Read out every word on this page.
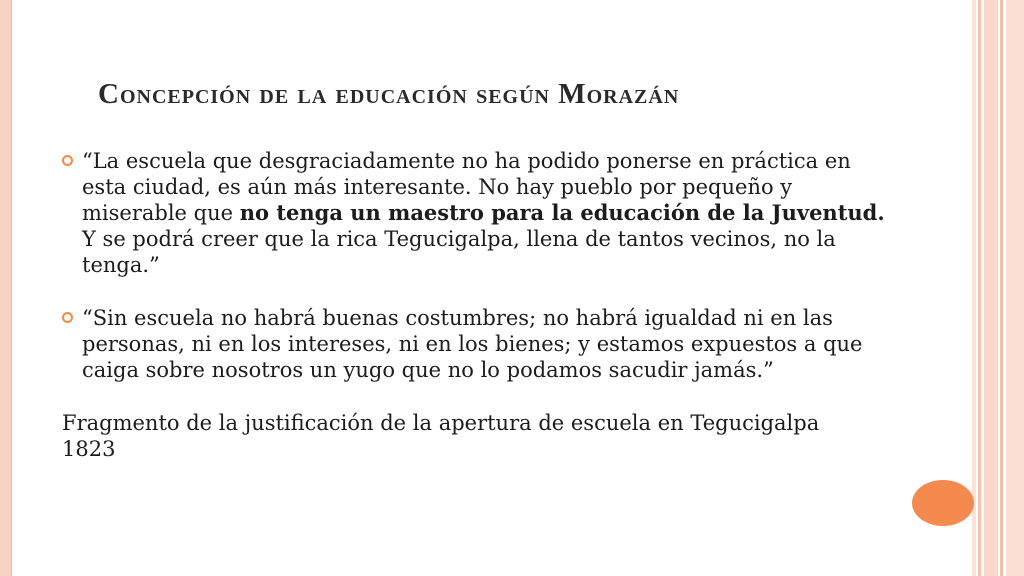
Concepción de la educación según Morazán
“La escuela que desgraciadamente no ha podido ponerse en práctica en esta ciudad, es aún más interesante. No hay pueblo por pequeño y miserable que no tenga un maestro para la educación de la Juventud. Y se podrá creer que la rica Tegucigalpa, llena de tantos vecinos, no la tenga.”
“Sin escuela no habrá buenas costumbres; no habrá igualdad ni en las personas, ni en los intereses, ni en los bienes; y estamos expuestos a que caiga sobre nosotros un yugo que no lo podamos sacudir jamás.”
Fragmento de la justificación de la apertura de escuela en Tegucigalpa 1823
